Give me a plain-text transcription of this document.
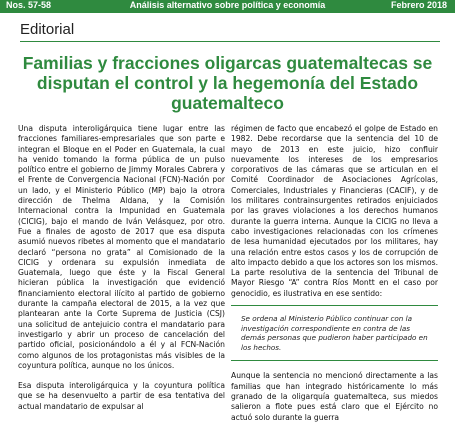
Nos. 57-58	Análisis alternativo sobre política y economía	Febrero 2018
Editorial
Familias y fracciones oligarcas guatemaltecas se disputan el control y la hegemonía del Estado guatemalteco

Una disputa interoligárquica tiene lugar entre las fracciones familiares-empresariales que son parte e integran el Bloque en el Poder en Guatemala, la cual ha venido tomando la forma pública de un pulso político entre el gobierno de Jimmy Morales Cabrera y el Frente de Convergencia Nacional (FCN)-Nación por un lado, y el Ministerio Público (MP) bajo la otrora dirección de Thelma Aldana, y la Comisión Internacional contra la Impunidad en Guatemala (CICIG), bajo el mando de Iván Velásquez, por otro. Fue a finales de agosto de 2017 que esa disputa asumió nuevos ribetes al momento que el mandatario declaró “persona no grata” al Comisionado de la CICIG y ordenara su expulsión inmediata de Guatemala, luego que éste y la Fiscal General hicieran pública la investigación que evidenció financiamiento electoral ilícito al partido de gobierno durante la campaña electoral de 2015, a la vez que plantearan ante la Corte Suprema de Justicia (CSJ) una solicitud de antejuicio contra el mandatario para investigarlo y abrir un proceso de cancelación del partido oficial, posicionándolo a él y al FCN-Nación como algunos de los protagonistas más visibles de la coyuntura política, aunque no los únicos.

Esa disputa interoligárquica y la coyuntura política que se ha desenvuelto a partir de esa tentativa del actual mandatario de expulsar al

régimen de facto que encabezó el golpe de Estado en 1982. Debe recordarse que la sentencia del 10 de mayo de 2013 en este juicio, hizo confluir nuevamente los intereses de los empresarios corporativos de las cámaras que se articulan en el Comité Coordinador de Asociaciones Agrícolas, Comerciales, Industriales y Financieras (CACIF), y de los militares contrainsurgentes retirados enjuiciados por las graves violaciones a los derechos humanos durante la guerra interna. Aunque la CICIG no lleva a cabo investigaciones relacionadas con los crímenes de lesa humanidad ejecutados por los militares, hay una relación entre estos casos y los de corrupción de alto impacto debido a que los actores son los mismos. La parte resolutiva de la sentencia del Tribunal de Mayor Riesgo “A” contra Ríos Montt en el caso por genocidio, es ilustrativa en ese sentido:

Se ordena al Ministerio Público continuar con la investigación correspondiente en contra de las demás personas que pudieron haber participado en los hechos.

Aunque la sentencia no mencionó directamente a las familias que han integrado históricamente lo más granado de la oligarquía guatemalteca, sus miedos salieron a flote pues está claro que el Ejército no actuó solo durante la guerra
